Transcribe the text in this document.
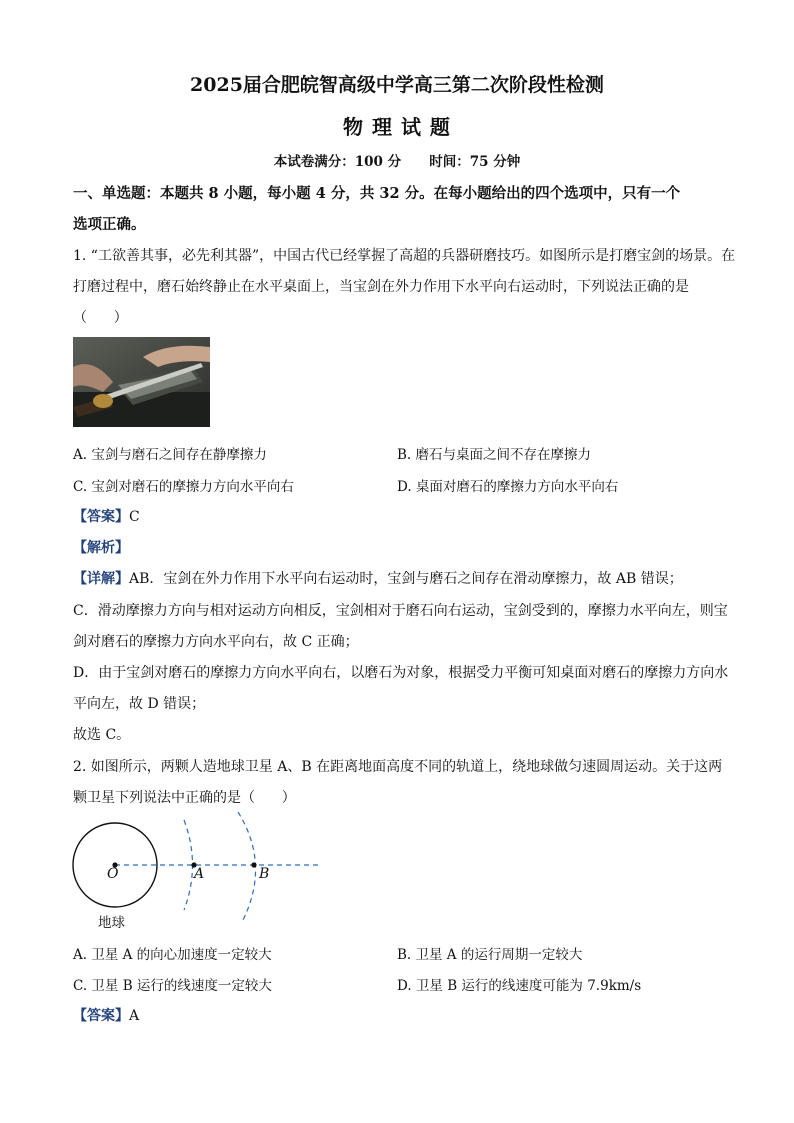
2025届合肥皖智高级中学高三第二次阶段性检测
物 理 试 题
本试卷满分：100 分      时间：75 分钟
一、单选题：本题共 8 小题，每小题 4 分，共 32 分。在每小题给出的四个选项中，只有一个
选项正确。
1. “工欲善其事，必先利其器”，中国古代已经掌握了高超的兵器研磨技巧。如图所示是打磨宝剑的场景。在
打磨过程中，磨石始终静止在水平桌面上，当宝剑在外力作用下水平向右运动时，下列说法正确的是
（      ）
A. 宝剑与磨石之间存在静摩擦力	B. 磨石与桌面之间不存在摩擦力
C. 宝剑对磨石的摩擦力方向水平向右	D. 桌面对磨石的摩擦力方向水平向右
【答案】C
【解析】
【详解】AB．宝剑在外力作用下水平向右运动时，宝剑与磨石之间存在滑动摩擦力，故 AB 错误；
C．滑动摩擦力方向与相对运动方向相反，宝剑相对于磨石向右运动，宝剑受到的，摩擦力水平向左，则宝
剑对磨石的摩擦力方向水平向右，故 C 正确；
D．由于宝剑对磨石的摩擦力方向水平向右，以磨石为对象，根据受力平衡可知桌面对磨石的摩擦力方向水
平向左，故 D 错误；
故选 C。
2. 如图所示，两颗人造地球卫星 A、B 在距离地面高度不同的轨道上，绕地球做匀速圆周运动。关于这两
颗卫星下列说法中正确的是（      ）
O	A	B
地球
A. 卫星 A 的向心加速度一定较大	B. 卫星 A 的运行周期一定较大
C. 卫星 B 运行的线速度一定较大	D. 卫星 B 运行的线速度可能为 7.9km/s
【答案】A
